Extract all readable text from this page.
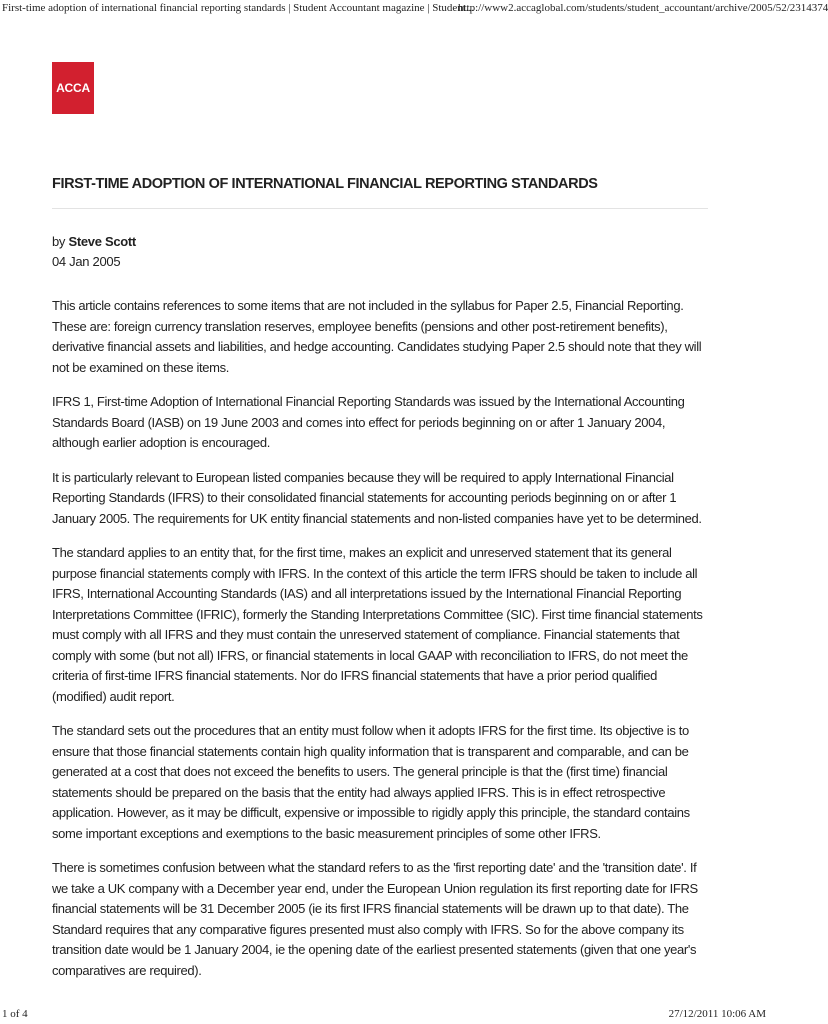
First-time adoption of international financial reporting standards | Student Accountant magazine | Student...
http://www2.accaglobal.com/students/student_accountant/archive/2005/52/2314374
ACCA
FIRST-TIME ADOPTION OF INTERNATIONAL FINANCIAL REPORTING STANDARDS
by Steve Scott
04 Jan 2005

This article contains references to some items that are not included in the syllabus for Paper 2.5, Financial Reporting. These are: foreign currency translation reserves, employee benefits (pensions and other post-retirement benefits), derivative financial assets and liabilities, and hedge accounting. Candidates studying Paper 2.5 should note that they will not be examined on these items.

IFRS 1, First-time Adoption of International Financial Reporting Standards was issued by the International Accounting Standards Board (IASB) on 19 June 2003 and comes into effect for periods beginning on or after 1 January 2004, although earlier adoption is encouraged.

It is particularly relevant to European listed companies because they will be required to apply International Financial Reporting Standards (IFRS) to their consolidated financial statements for accounting periods beginning on or after 1 January 2005. The requirements for UK entity financial statements and non-listed companies have yet to be determined.

The standard applies to an entity that, for the first time, makes an explicit and unreserved statement that its general purpose financial statements comply with IFRS. In the context of this article the term IFRS should be taken to include all IFRS, International Accounting Standards (IAS) and all interpretations issued by the International Financial Reporting Interpretations Committee (IFRIC), formerly the Standing Interpretations Committee (SIC). First time financial statements must comply with all IFRS and they must contain the unreserved statement of compliance. Financial statements that comply with some (but not all) IFRS, or financial statements in local GAAP with reconciliation to IFRS, do not meet the criteria of first-time IFRS financial statements. Nor do IFRS financial statements that have a prior period qualified (modified) audit report.

The standard sets out the procedures that an entity must follow when it adopts IFRS for the first time. Its objective is to ensure that those financial statements contain high quality information that is transparent and comparable, and can be generated at a cost that does not exceed the benefits to users. The general principle is that the (first time) financial statements should be prepared on the basis that the entity had always applied IFRS. This is in effect retrospective application. However, as it may be difficult, expensive or impossible to rigidly apply this principle, the standard contains some important exceptions and exemptions to the basic measurement principles of some other IFRS.

There is sometimes confusion between what the standard refers to as the 'first reporting date' and the 'transition date'. If we take a UK company with a December year end, under the European Union regulation its first reporting date for IFRS financial statements will be 31 December 2005 (ie its first IFRS financial statements will be drawn up to that date). The Standard requires that any comparative figures presented must also comply with IFRS. So for the above company its transition date would be 1 January 2004, ie the opening date of the earliest presented statements (given that one year's comparatives are required).

1 of 4	27/12/2011 10:06 AM
